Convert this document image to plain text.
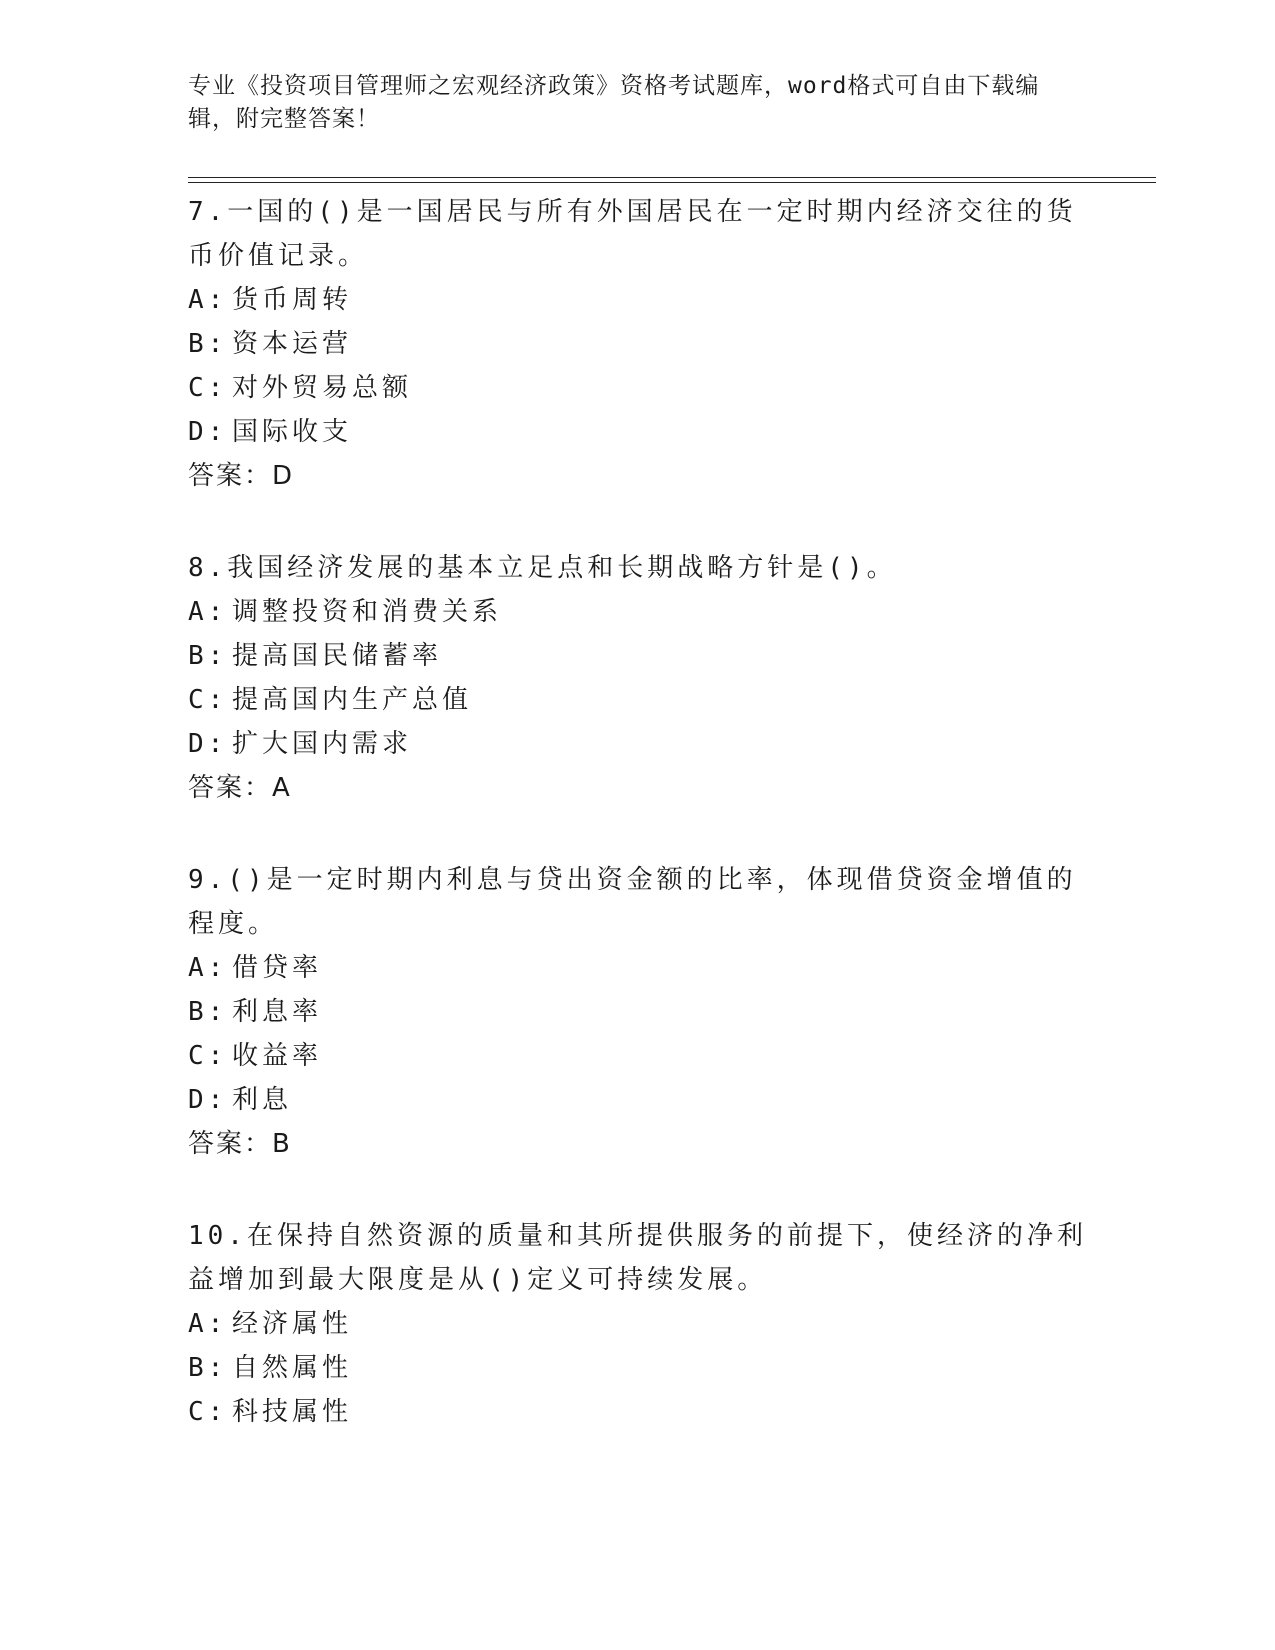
专业《投资项目管理师之宏观经济政策》资格考试题库，word格式可自由下载编辑，附完整答案！

7.一国的()是一国居民与所有外国居民在一定时期内经济交往的货币价值记录。

A: 货币周转
B: 资本运营
C: 对外贸易总额
D: 国际收支

答案：D

8.我国经济发展的基本立足点和长期战略方针是()。

A: 调整投资和消费关系
B: 提高国民储蓄率
C: 提高国内生产总值
D: 扩大国内需求

答案：A

9.()是一定时期内利息与贷出资金额的比率，体现借贷资金增值的程度。

A: 借贷率
B: 利息率
C: 收益率
D: 利息

答案：B

10.在保持自然资源的质量和其所提供服务的前提下，使经济的净利益增加到最大限度是从()定义可持续发展。

A: 经济属性
B: 自然属性
C: 科技属性
